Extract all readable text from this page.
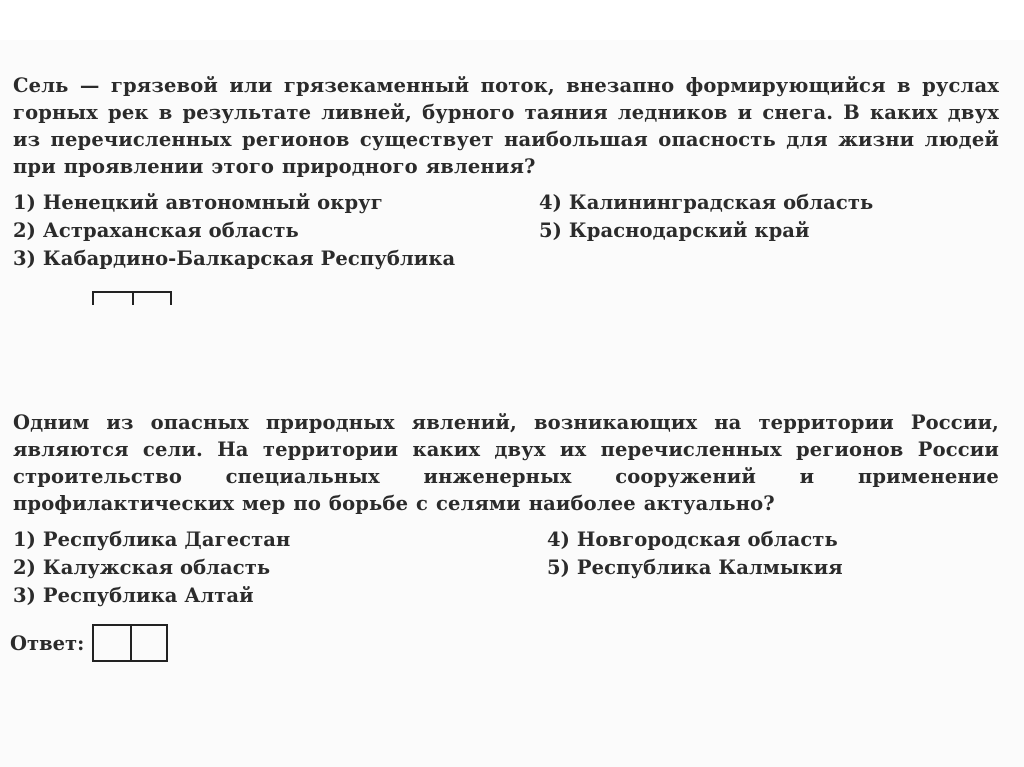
Сель — грязевой или грязекаменный поток, внезапно формирующийся в руслах горных рек в результате ливней, бурного таяния ледников и снега. В каких двух из перечисленных регионов существует наибольшая опасность для жизни людей при проявлении этого природного явления?

1) Ненецкий автономный округ
2) Астраханская область
3) Кабардино-Балкарская Республика
4) Калининградская область
5) Краснодарский край

Одним из опасных природных явлений, возникающих на территории России, являются сели. На территории каких двух их перечисленных регионов России строительство специальных инженерных сооружений и применение профилактических мер по борьбе с селями наиболее актуально?

1) Республика Дагестан
2) Калужская область
3) Республика Алтай
4) Новгородская область
5) Республика Калмыкия
Ответ:
